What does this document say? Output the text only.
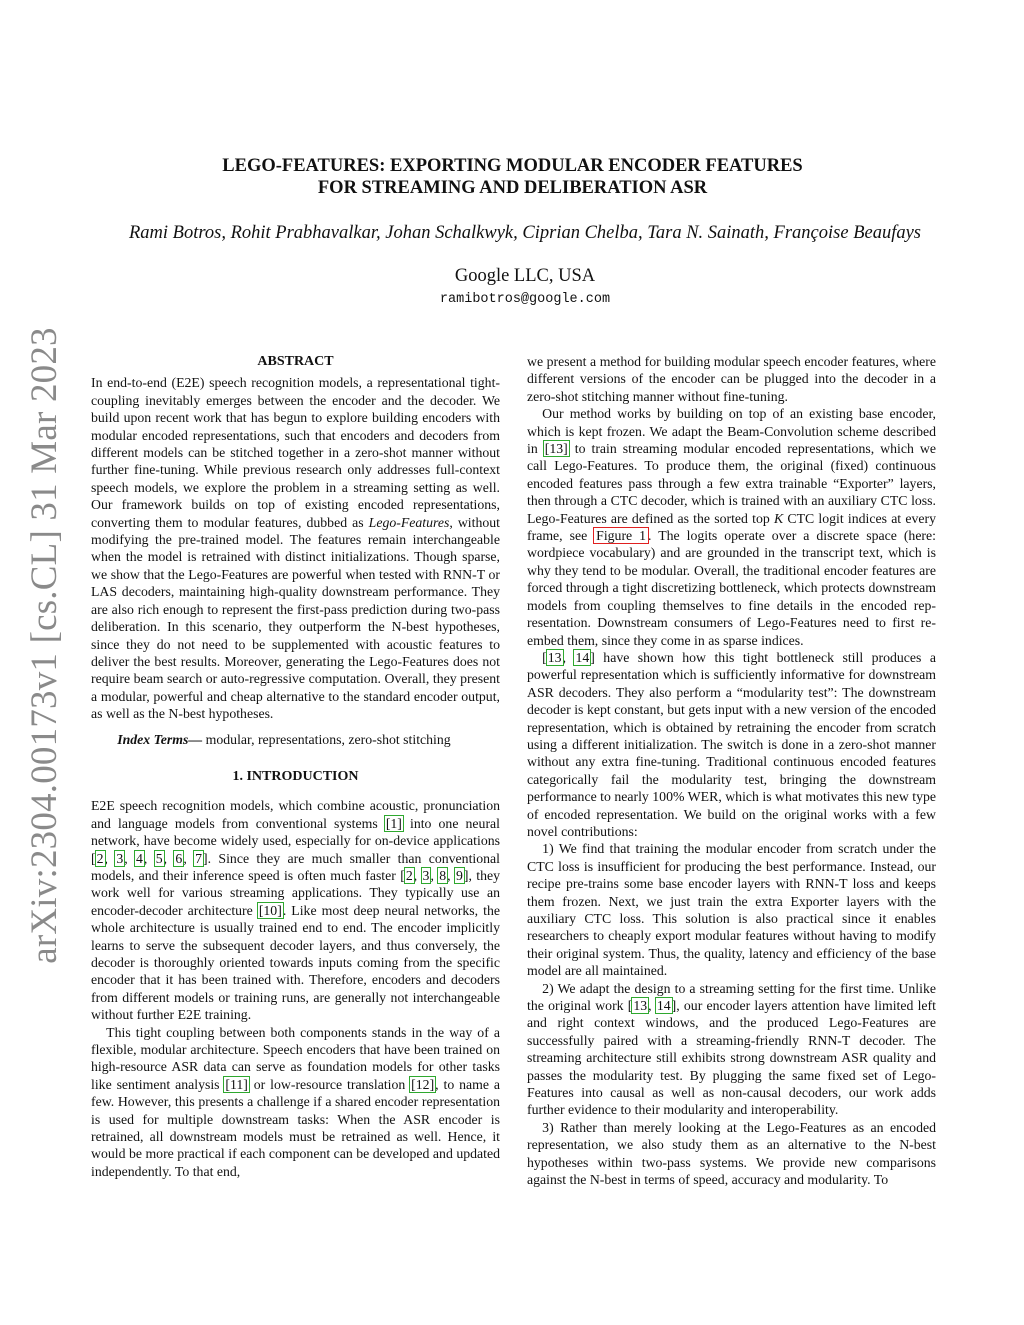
arXiv:2304.00173v1 [cs.CL] 31 Mar 2023
LEGO-FEATURES: EXPORTING MODULAR ENCODER FEATURES
FOR STREAMING AND DELIBERATION ASR
Rami Botros, Rohit Prabhavalkar, Johan Schalkwyk, Ciprian Chelba, Tara N. Sainath, Françoise Beaufays
Google LLC, USA
ramibotros@google.com
ABSTRACT

In end-to-end (E2E) speech recognition models, a representational tight-coupling inevitably emerges between the encoder and the decoder. We build upon recent work that has begun to explore building encoders with modular encoded representations, such that encoders and decoders from different models can be stitched together in a zero-shot manner without further fine-tuning. While previous research only addresses full-context speech models, we explore the problem in a streaming setting as well. Our framework builds on top of existing encoded representations, converting them to modular features, dubbed as Lego-Features, without modifying the pre-trained model. The features remain interchangeable when the model is retrained with distinct initializations. Though sparse, we show that the Lego-Features are powerful when tested with RNN-T or LAS decoders, maintaining high-quality downstream performance. They are also rich enough to represent the first-pass prediction during two-pass deliberation. In this scenario, they outperform the N-best hypotheses, since they do not need to be supplemented with acoustic features to deliver the best results. Moreover, generating the Lego-Features does not require beam search or auto-regressive computation. Overall, they present a modular, powerful and cheap alternative to the standard encoder output, as well as the N-best hypotheses.

Index Terms— modular, representations, zero-shot stitching

1. INTRODUCTION

E2E speech recognition models, which combine acoustic, pronunciation and language models from conventional systems [1] into one neural network, have become widely used, especially for on-device applications [2, 3, 4, 5, 6, 7]. Since they are much smaller than conventional models, and their inference speed is often much faster [2, 3, 8, 9], they work well for various streaming applications. They typically use an encoder-decoder architecture [10]. Like most deep neural networks, the whole architecture is usually trained end to end. The encoder implicitly learns to serve the subsequent decoder layers, and thus conversely, the decoder is thoroughly oriented towards inputs coming from the specific encoder that it has been trained with. Therefore, encoders and decoders from different models or training runs, are generally not interchangeable without further E2E training.

This tight coupling between both components stands in the way of a flexible, modular architecture. Speech encoders that have been trained on high-resource ASR data can serve as foundation models for other tasks like sentiment analysis [11] or low-resource translation [12], to name a few. However, this presents a challenge if a shared encoder representation is used for multiple downstream tasks: When the ASR encoder is retrained, all downstream models must be retrained as well. Hence, it would be more practical if each component can be developed and updated independently. To that end,

we present a method for building modular speech encoder features, where different versions of the encoder can be plugged into the decoder in a zero-shot stitching manner without fine-tuning.

Our method works by building on top of an existing base encoder, which is kept frozen. We adapt the Beam-Convolution scheme described in [13] to train streaming modular encoded representations, which we call Lego-Features. To produce them, the original (fixed) continuous encoded features pass through a few extra trainable “Exporter” layers, then through a CTC decoder, which is trained with an auxiliary CTC loss. Lego-Features are defined as the sorted top K CTC logit indices at every frame, see Figure 1 . The logits operate over a discrete space (here: wordpiece vocabulary) and are grounded in the transcript text, which is why they tend to be modular. Overall, the traditional encoder features are forced through a tight discretizing bottleneck, which protects downstream models from coupling themselves to fine details in the encoded representation. Downstream consumers of Lego-Features need to first re-embed them, since they come in as sparse indices.

[13, 14] have shown how this tight bottleneck still produces a powerful representation which is sufficiently informative for downstream ASR decoders. They also perform a “modularity test”: The downstream decoder is kept constant, but gets input with a new version of the encoded representation, which is obtained by retraining the encoder from scratch using a different initialization. The switch is done in a zero-shot manner without any extra fine-tuning. Traditional continuous encoded features categorically fail the modularity test, bringing the downstream performance to nearly 100% WER, which is what motivates this new type of encoded representation. We build on the original works with a few novel contributions:

1) We find that training the modular encoder from scratch under the CTC loss is insufficient for producing the best performance. Instead, our recipe pre-trains some base encoder layers with RNN-T loss and keeps them frozen. Next, we just train the extra Exporter layers with the auxiliary CTC loss. This solution is also practical since it enables researchers to cheaply export modular features without having to modify their original system. Thus, the quality, latency and efficiency of the base model are all maintained.

2) We adapt the design to a streaming setting for the first time. Unlike the original work [13, 14], our encoder layers attention have limited left and right context windows, and the produced Lego-Features are successfully paired with a streaming-friendly RNN-T decoder. The streaming architecture still exhibits strong downstream ASR quality and passes the modularity test. By plugging the same fixed set of Lego-Features into causal as well as non-causal decoders, our work adds further evidence to their modularity and interoperability.

3) Rather than merely looking at the Lego-Features as an encoded representation, we also study them as an alternative to the N-best hypotheses within two-pass systems. We provide new comparisons against the N-best in terms of speed, accuracy and modularity. To
